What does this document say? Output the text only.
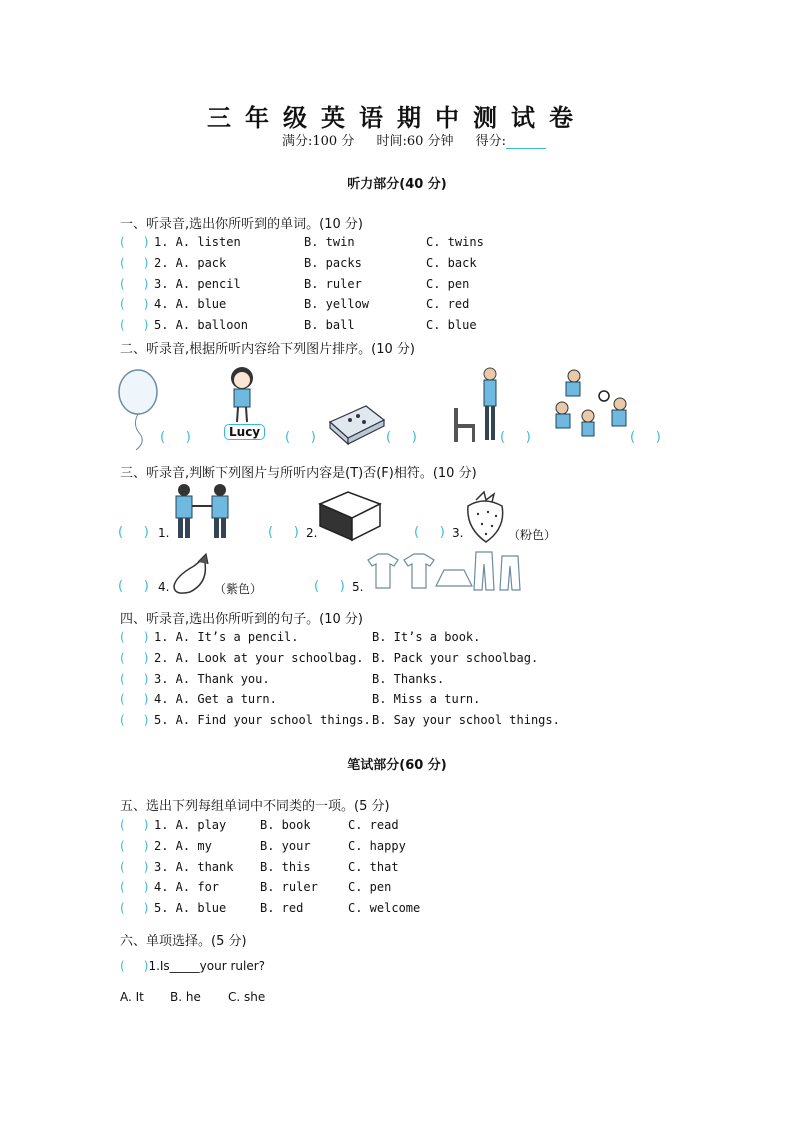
三年级英语期中测试卷
满分:100 分 时间:60 分钟 得分:
听力部分(40 分)
一、听录音,选出你所听到的单词。(10 分)
(     ) 1. A. listen	B. twin	C. twins
(     ) 2. A. pack	B. packs	C. back
(     ) 3. A. pencil	B. ruler	C. pen
(     ) 4. A. blue	B. yellow	C. red
(     ) 5. A. balloon	B. ball	C. blue
二、听录音,根据所听内容给下列图片排序。(10 分)
(     )	Lucy	(     )	(     )	(     )	(     )
三、听录音,判断下列图片与所听内容是(T)否(F)相符。(10 分)
(     ) 1.	(     ) 2.	(     ) 3.	（粉色）
(     ) 4.	（紫色）	(     ) 5.
四、听录音,选出你所听到的句子。(10 分)
(     ) 1. A. It’s a pencil.	B. It’s a book.
(     ) 2. A. Look at your schoolbag. B. Pack your schoolbag.
(     ) 3. A. Thank you.	B. Thanks.
(     ) 4. A. Get a turn.	B. Miss a turn.
(     ) 5. A. Find your school things. B. Say your school things.
笔试部分(60 分)
五、选出下列每组单词中不同类的一项。(5 分)
(     ) 1. A. play	B. book	C. read
(     ) 2. A. my	B. your	C. happy
(     ) 3. A. thank B. this	C. that
(     ) 4. A. for	B. ruler	C. pen
(     ) 5. A. blue	B. red	C. welcome
六、单项选择。(5 分)
(     )1.Is_____your ruler?
A. It B. he C. she
